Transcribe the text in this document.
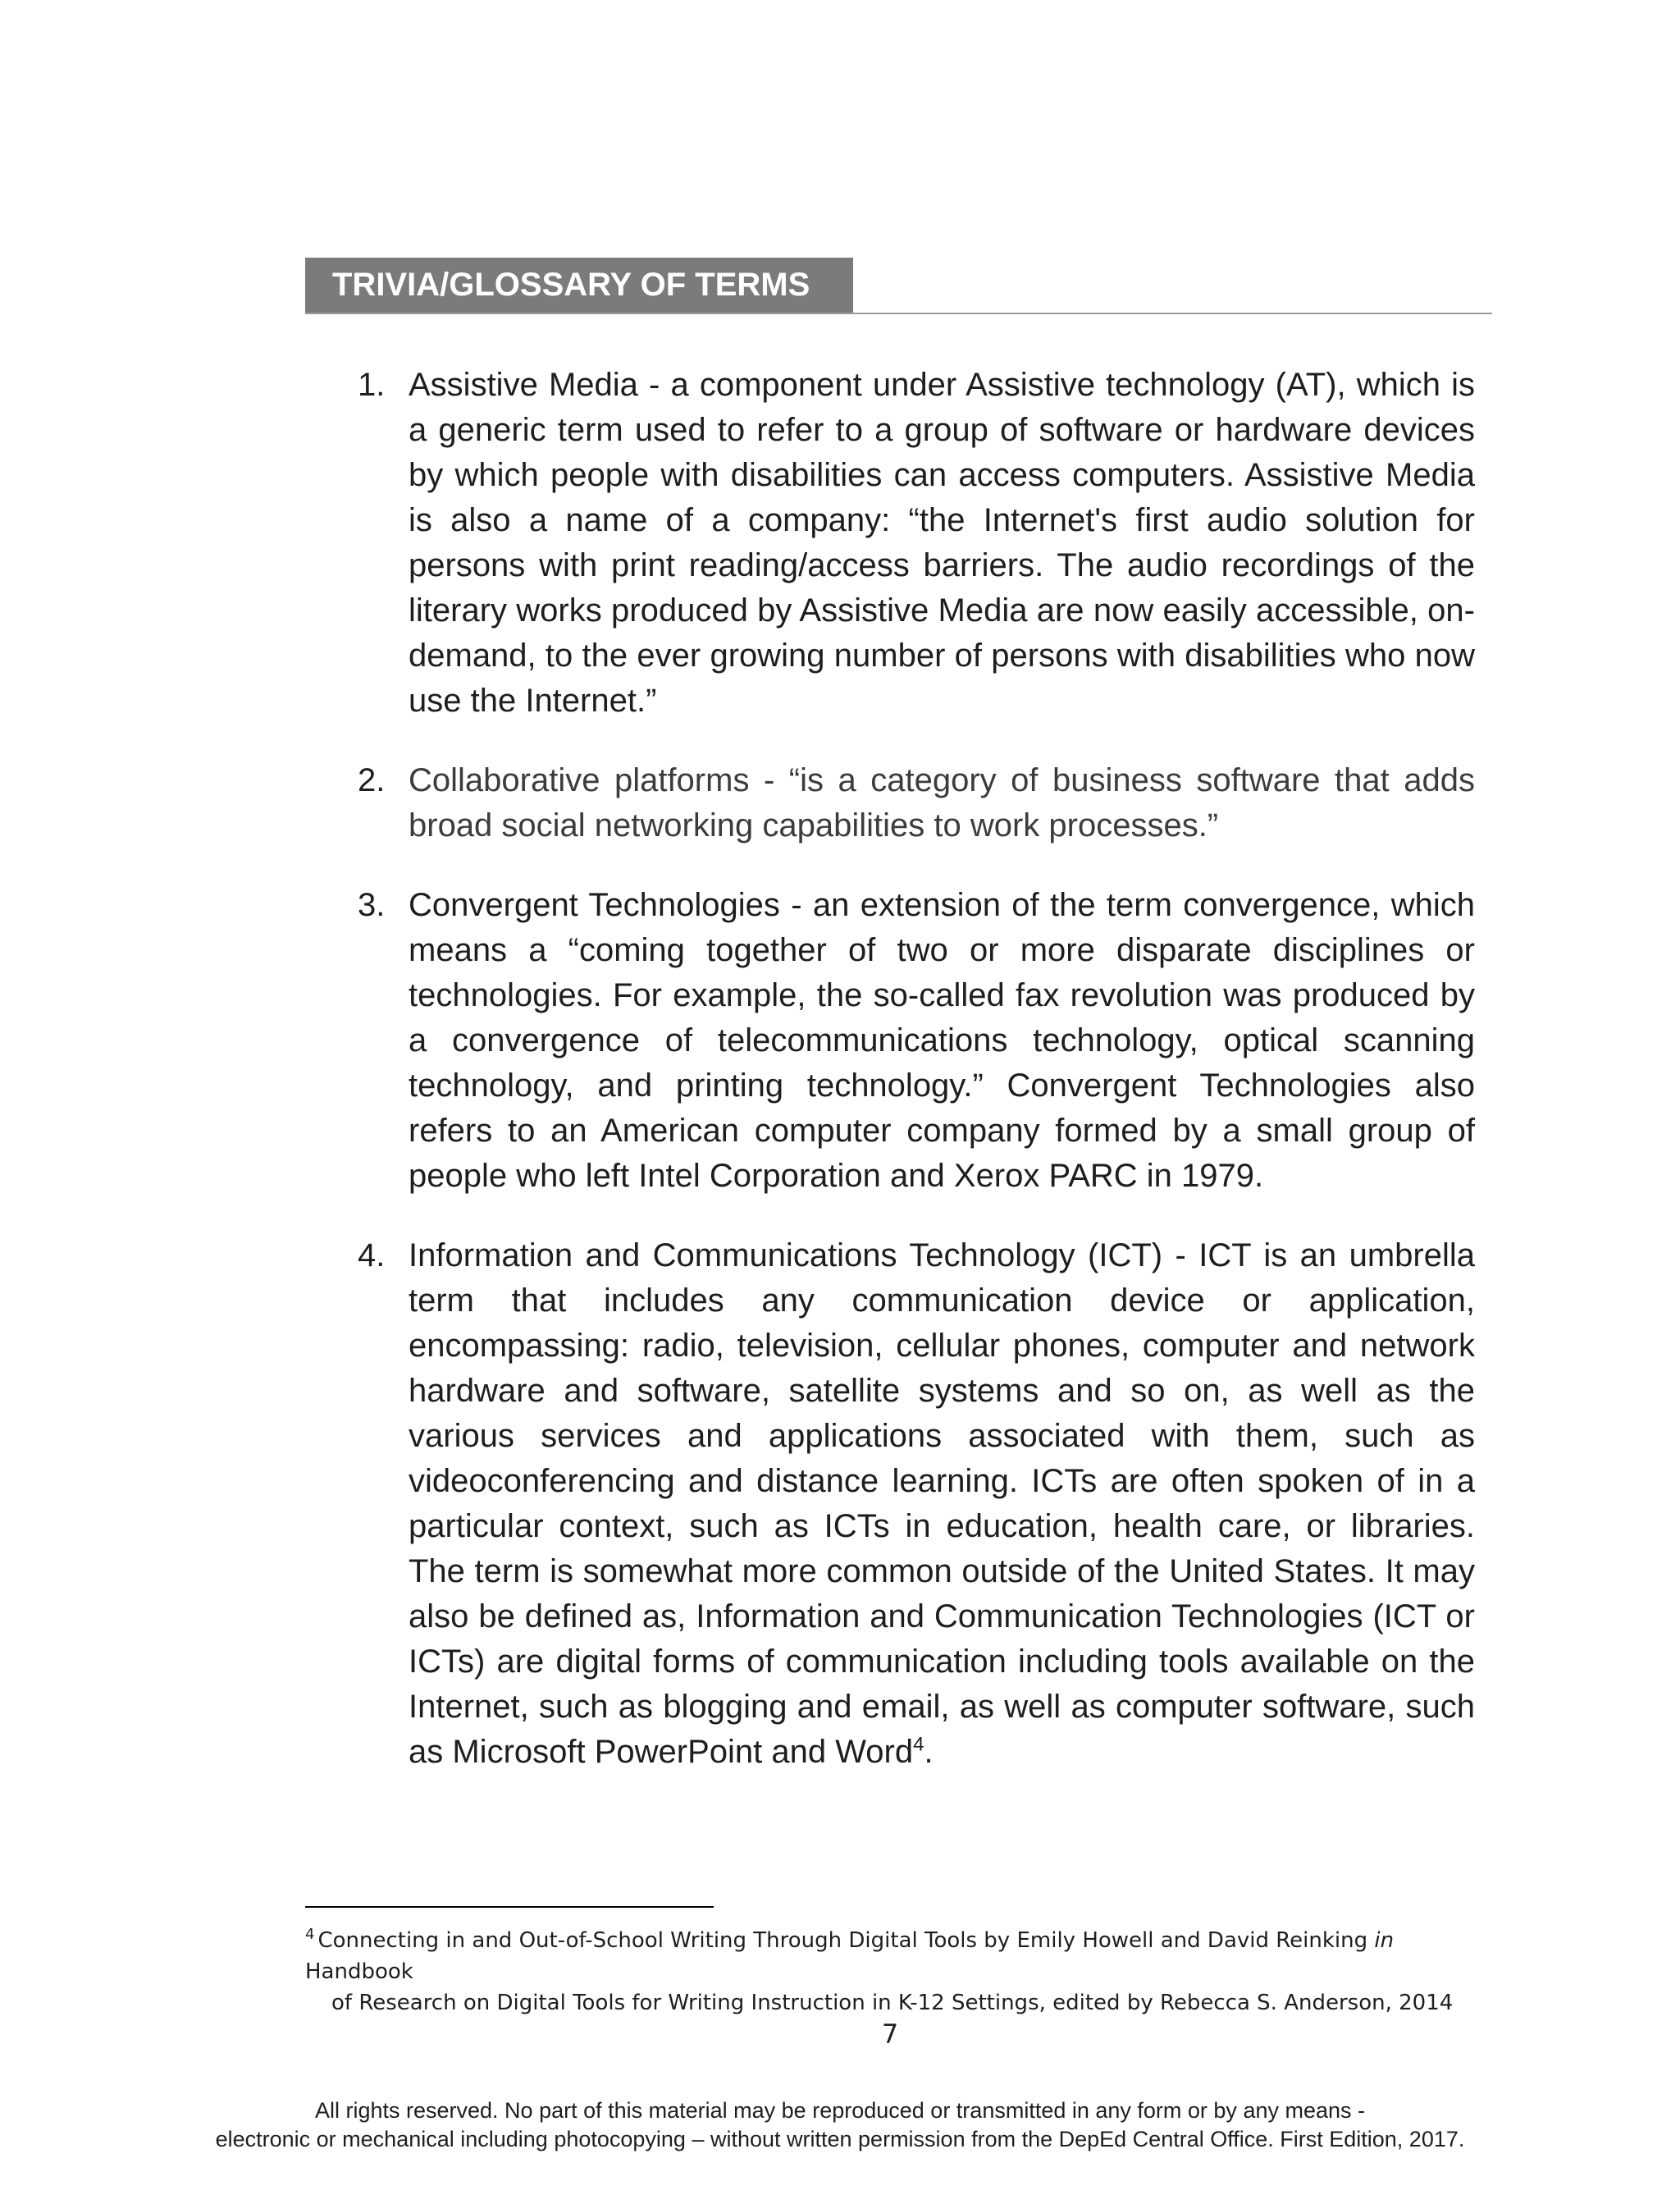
TRIVIA/GLOSSARY OF TERMS
1. Assistive Media - a component under Assistive technology (AT), which is a generic term used to refer to a group of software or hardware devices by which people with disabilities can access computers. Assistive Media is also a name of a company: “the Internet's first audio solution for persons with print reading/access barriers. The audio recordings of the literary works produced by Assistive Media are now easily accessible, on-demand, to the ever growing number of persons with disabilities who now use the Internet.”
2. Collaborative platforms - “is a category of business software that adds broad social networking capabilities to work processes.”
3. Convergent Technologies - an extension of the term convergence, which means a “coming together of two or more disparate disciplines or technologies. For example, the so-called fax revolution was produced by a convergence of telecommunications technology, optical scanning technology, and printing technology.” Convergent Technologies also refers to an American computer company formed by a small group of people who left Intel Corporation and Xerox PARC in 1979.
4. Information and Communications Technology (ICT) - ICT is an umbrella term that includes any communication device or application, encompassing: radio, television, cellular phones, computer and network hardware and software, satellite systems and so on, as well as the various services and applications associated with them, such as videoconferencing and distance learning. ICTs are often spoken of in a particular context, such as ICTs in education, health care, or libraries. The term is somewhat more common outside of the United States. It may also be defined as, Information and Communication Technologies (ICT or ICTs) are digital forms of communication including tools available on the Internet, such as blogging and email, as well as computer software, such as Microsoft PowerPoint and Word$^4$.
$^4$ Connecting in and Out-of-School Writing Through Digital Tools by Emily Howell and David Reinking in Handbook
of Research on Digital Tools for Writing Instruction in K-12 Settings, edited by Rebecca S. Anderson, 2014
7
All rights reserved. No part of this material may be reproduced or transmitted in any form or by any means -
electronic or mechanical including photocopying – without written permission from the DepEd Central Office. First Edition, 2017.
